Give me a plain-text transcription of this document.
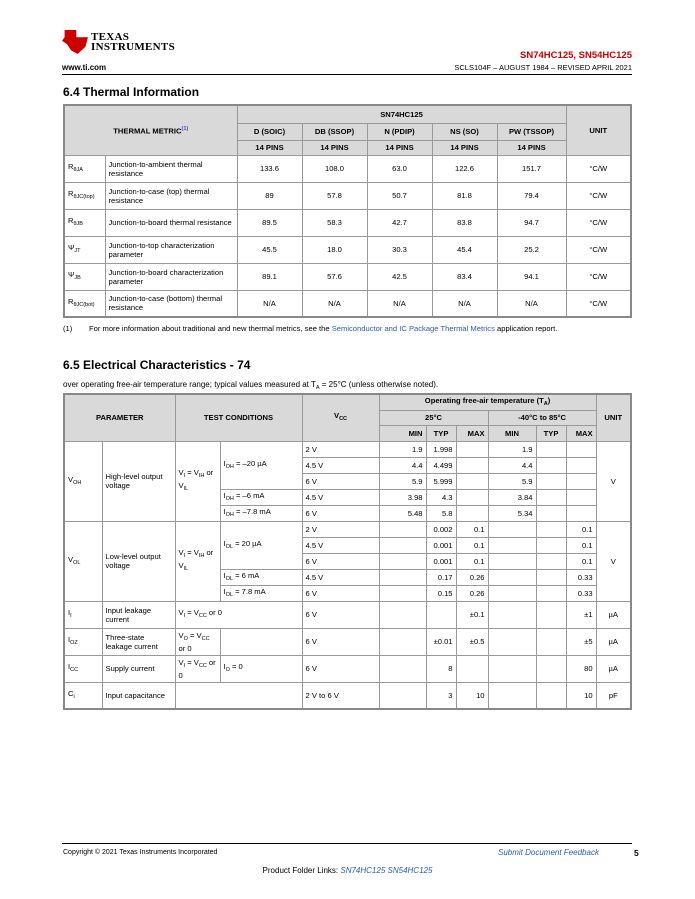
TEXAS
INSTRUMENTS
www.ti.com
SN74HC125, SN54HC125
SCLS104F – AUGUST 1984 – REVISED APRIL 2021
6.4 Thermal Information
THERMAL METRIC$^{(1)}$		SN74HC125					UNIT
		D (SOIC)	DB (SSOP)	N (PDIP)	NS (SO)	PW (TSSOP)	
		14 PINS	14 PINS	14 PINS	14 PINS	14 PINS	
$R_{\theta JA}$	Junction-to-ambient thermal resistance	133.6	108.0	63.0	122.6	151.7	°C/W
$R_{\theta JC(top)}$	Junction-to-case (top) thermal resistance	89	57.8	50.7	81.8	79.4	°C/W
$R_{\theta JB}$	Junction-to-board thermal resistance	89.5	58.3	42.7	83.8	94.7	°C/W
$\Psi_{JT}$	Junction-to-top characterization parameter	45.5	18.0	30.3	45.4	25.2	°C/W
$\Psi_{JB}$	Junction-to-board characterization parameter	89.1	57.6	42.5	83.4	94.1	°C/W
$R_{\theta JC(bot)}$	Junction-to-case (bottom) thermal resistance	N/A	N/A	N/A	N/A	N/A	°C/W
(1)	For more information about traditional and new thermal metrics, see the Semiconductor and IC Package Thermal Metrics application report.
6.5 Electrical Characteristics - 74
over operating free-air temperature range; typical values measured at $T_A = 25^\circ C$ (unless otherwise noted).
PARAMETER		TEST CONDITIONS		$V_{CC}$	Operating free-air temperature $(T_A)$						UNIT
					25°C			-40°C to 85°C			
					MIN	TYP	MAX	MIN	TYP	MAX	
$V_{OH}$	High-level output voltage	$V_I = V_{IH}$ or $V_{IL}$	$I_{OH} = -20$ µA	2 V	1.9	1.998		1.9			V
				4.5 V	4.4	4.499		4.4			
				6 V	5.9	5.999		5.9			
			$I_{OH} = -6$ mA	4.5 V	3.98	4.3		3.84			
			$I_{OH} = -7.8$ mA	6 V	5.48	5.8		5.34			
$V_{OL}$	Low-level output voltage	$V_I = V_{IH}$ or $V_{IL}$	$I_{OL} = 20$ µA	2 V		0.002	0.1			0.1	V
				4.5 V		0.001	0.1			0.1	
				6 V		0.001	0.1			0.1	
			$I_{OL} = 6$ mA	4.5 V		0.17	0.26			0.33	
			$I_{OL} = 7.8$ mA	6 V		0.15	0.26			0.33	
$I_I$	Input leakage current	$V_I = V_{CC}$ or 0		6 V			±0.1			±1	µA
$I_{OZ}$	Three-state leakage current	$V_O = V_{CC}$ or 0		6 V		±0.01	±0.5			±5	µA
$I_{CC}$	Supply current	$V_I = V_{CC}$ or 0	$I_O = 0$	6 V		8				80	µA
$C_i$	Input capacitance			2 V to 6 V		3	10			10	pF
Copyright © 2021 Texas Instruments Incorporated	Submit Document Feedback	5
Product Folder Links: SN74HC125 SN54HC125
